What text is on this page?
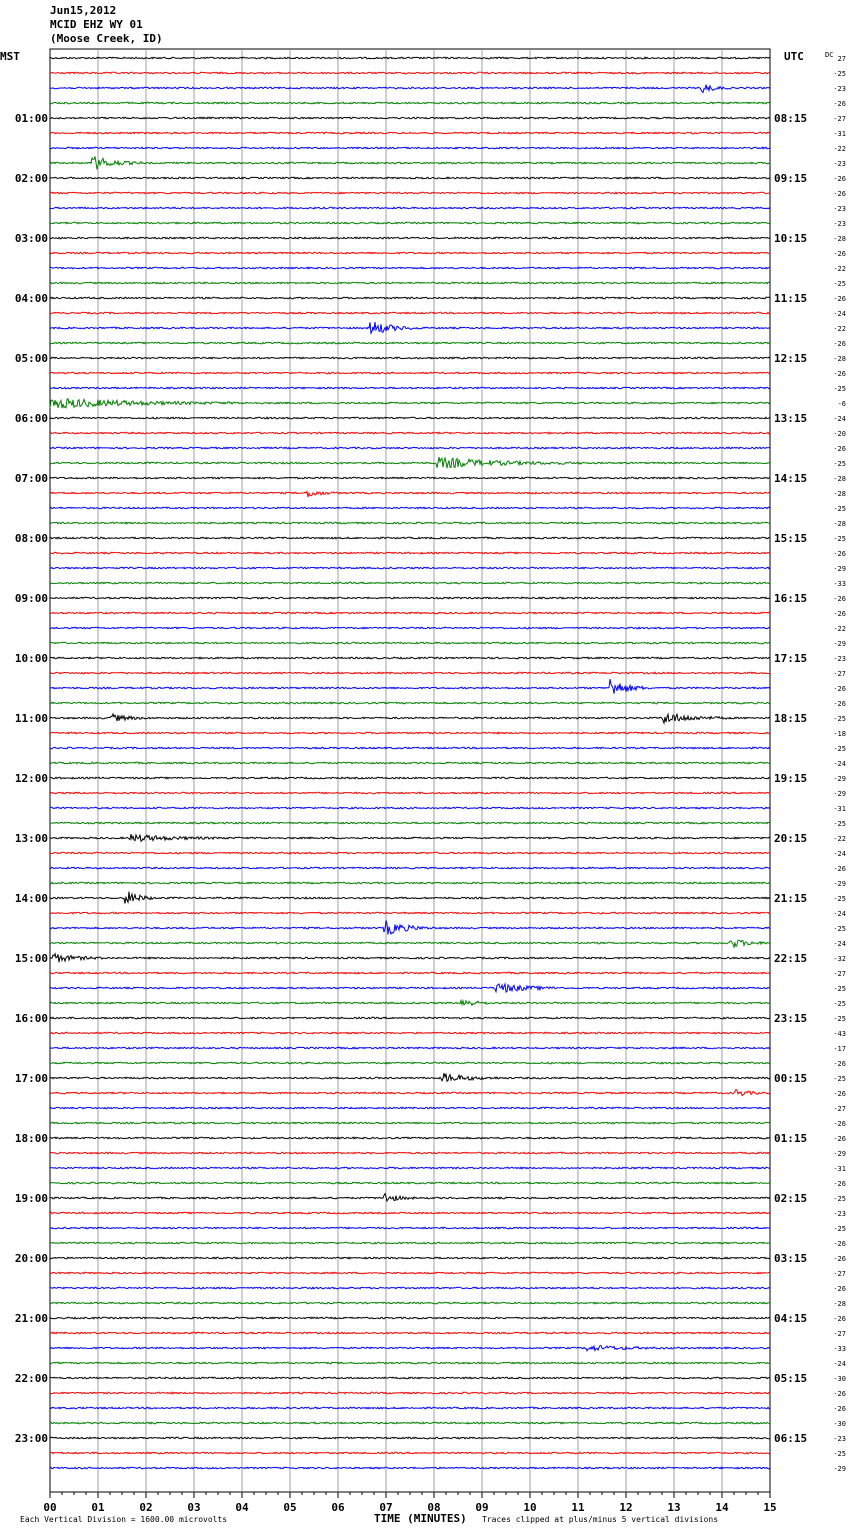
Jun15,2012
MCID EHZ WY 01
(Moose Creek, ID)
00	01	02	03	04	05	06	07	08	09	10	11	12	13	14	15
27
-25
-23
-26
-27
-31
-22
-23
-26
-26
-23
-23
-28
-26
-22
-25
-26
-24
-22
-26
-28
-26
-25
-6
-24
-20
-26
-25
-28
-28
-25
-28
-25
-26
-29
-33
-26
-26
-22
-29
-23
-27
-26
-26
-25
-18
-25
-24
-29
-29
-31
-25
-22
-24
-26
-29
-25
-24
-25
-24
-32
-27
-25
-25
-25
-43
-17
-26
-25
-26
-27
-26
-26
-29
-31
-26
-25
-23
-25
-26
-26
-27
-26
-28
-26
-27
-33
-24
-30
-26
-26
-30
-23
-25
-29
DC
MST	UTC
01:00
02:00
03:00
04:00
05:00
06:00
07:00
08:00
09:00
10:00
11:00
12:00
13:00
14:00
15:00
16:00
17:00
18:00
19:00
20:00
21:00
22:00
23:00
08:15
09:15
10:15
11:15
12:15
13:15
14:15
15:15
16:15
17:15
18:15
19:15
20:15
21:15
22:15
23:15
00:15
01:15
02:15
03:15
04:15
05:15
06:15
TIME (MINUTES)
Each Vertical Division = 1600.00 microvolts	Traces clipped at plus/minus 5 vertical divisions
